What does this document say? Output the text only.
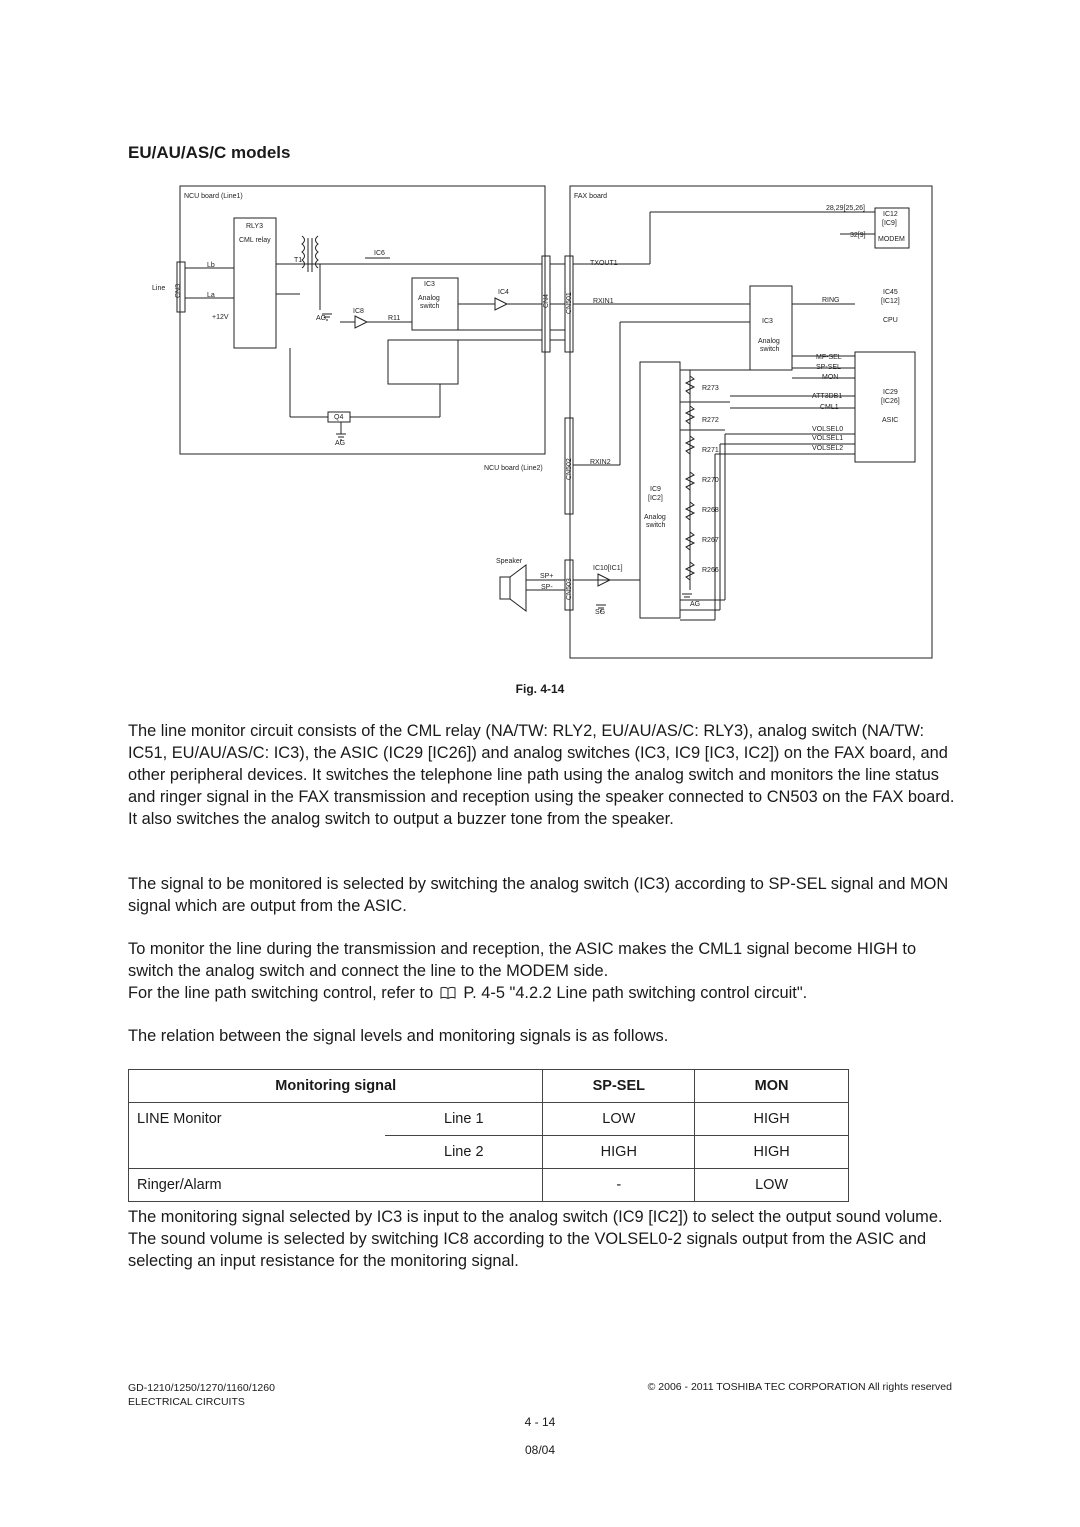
EU/AU/AS/C models
NCU board (Line1)	FAX board
Line CN3
RLY3
CML relay
Lb
La
+12V
T1
IC6
IC3
Analog
switch
IC4
IC8
R11
AG
Q4
AG
CN4 CN501
CN502
CN503
NCU board (Line2)
TXOUT1
RXIN1
RXIN2
28,29[25,26]
IC12
[IC9]
32[9]
MODEM
IC45
[IC12]
CPU
IC29
[IC26]
ASIC
RING
IC3
Analog
switch
MF-SEL
SP-SEL
MON
ATT3DB1
CML1
VOLSEL0
VOLSEL1
VOLSEL2
IC9
[IC2]
Analog
switch
R273
R272
R271
R270
R268
R267
R266
IC10[IC1]
Speaker
SP+
SP-
SG
AG
Fig. 4-14
The line monitor circuit consists of the CML relay (NA/TW: RLY2, EU/AU/AS/C: RLY3), analog switch (NA/TW: IC51, EU/AU/AS/C: IC3), the ASIC (IC29 [IC26]) and analog switches (IC3, IC9 [IC3, IC2]) on the FAX board, and other peripheral devices. It switches the telephone line path using the analog switch and monitors the line status and ringer signal in the FAX transmission and reception using the speaker connected to CN503 on the FAX board. It also switches the analog switch to output a buzzer tone from the speaker.
The signal to be monitored is selected by switching the analog switch (IC3) according to SP-SEL signal and MON signal which are output from the ASIC.
To monitor the line during the transmission and reception, the ASIC makes the CML1 signal become HIGH to switch the analog switch and connect the line to the MODEM side.
For the line path switching control, refer to P. 4-5 "4.2.2 Line path switching control circuit".
The relation between the signal levels and monitoring signals is as follows.
Monitoring signal		SP-SEL	MON
LINE Monitor	Line 1	LOW	HIGH
	Line 2	HIGH	HIGH
Ringer/Alarm		-	LOW
The monitoring signal selected by IC3 is input to the analog switch (IC9 [IC2]) to select the output sound volume. The sound volume is selected by switching IC8 according to the VOLSEL0-2 signals output from the ASIC and selecting an input resistance for the monitoring signal.
GD-1210/1250/1270/1160/1260
ELECTRICAL CIRCUITS
© 2006 - 2011 TOSHIBA TEC CORPORATION All rights reserved
4 - 14
08/04
